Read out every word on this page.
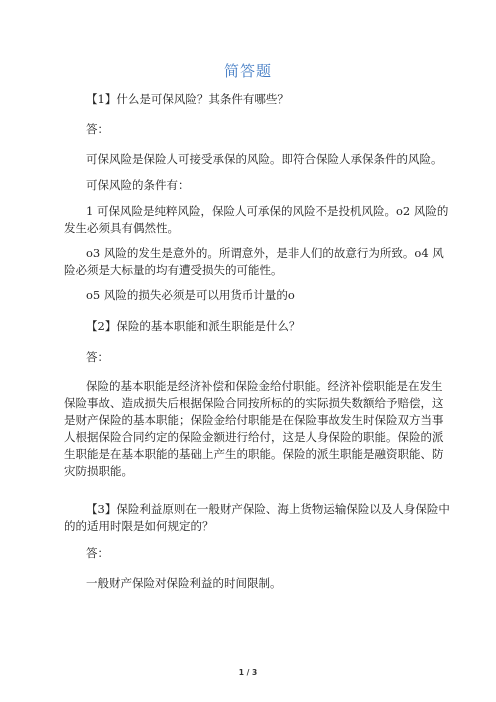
简答题

【1】什么是可保风险？其条件有哪些？

答：

可保风险是保险人可接受承保的风险。即符合保险人承保条件的风险。

可保风险的条件有：

1 可保风险是纯粹风险，保险人可承保的风险不是投机风险。o2 风险的发生必须具有偶然性。

o3 风险的发生是意外的。所谓意外，是非人们的故意行为所致。o4 风险必须是大标量的均有遭受损失的可能性。

o5 风险的损失必须是可以用货币计量的o

【2】保险的基本职能和派生职能是什么？

答：

保险的基本职能是经济补偿和保险金给付职能。经济补偿职能是在发生保险事故、造成损失后根据保险合同按所标的的实际损失数额给予赔偿，这是财产保险的基本职能；保险金给付职能是在保险事故发生时保险双方当事人根据保险合同约定的保险金额进行给付，这是人身保险的职能。保险的派生职能是在基本职能的基础上产生的职能。保险的派生职能是融资职能、防灾防损职能。

【3】保险利益原则在一般财产保险、海上货物运输保险以及人身保险中的的适用时限是如何规定的？

答：

一般财产保险对保险利益的时间限制。

1 / 3
